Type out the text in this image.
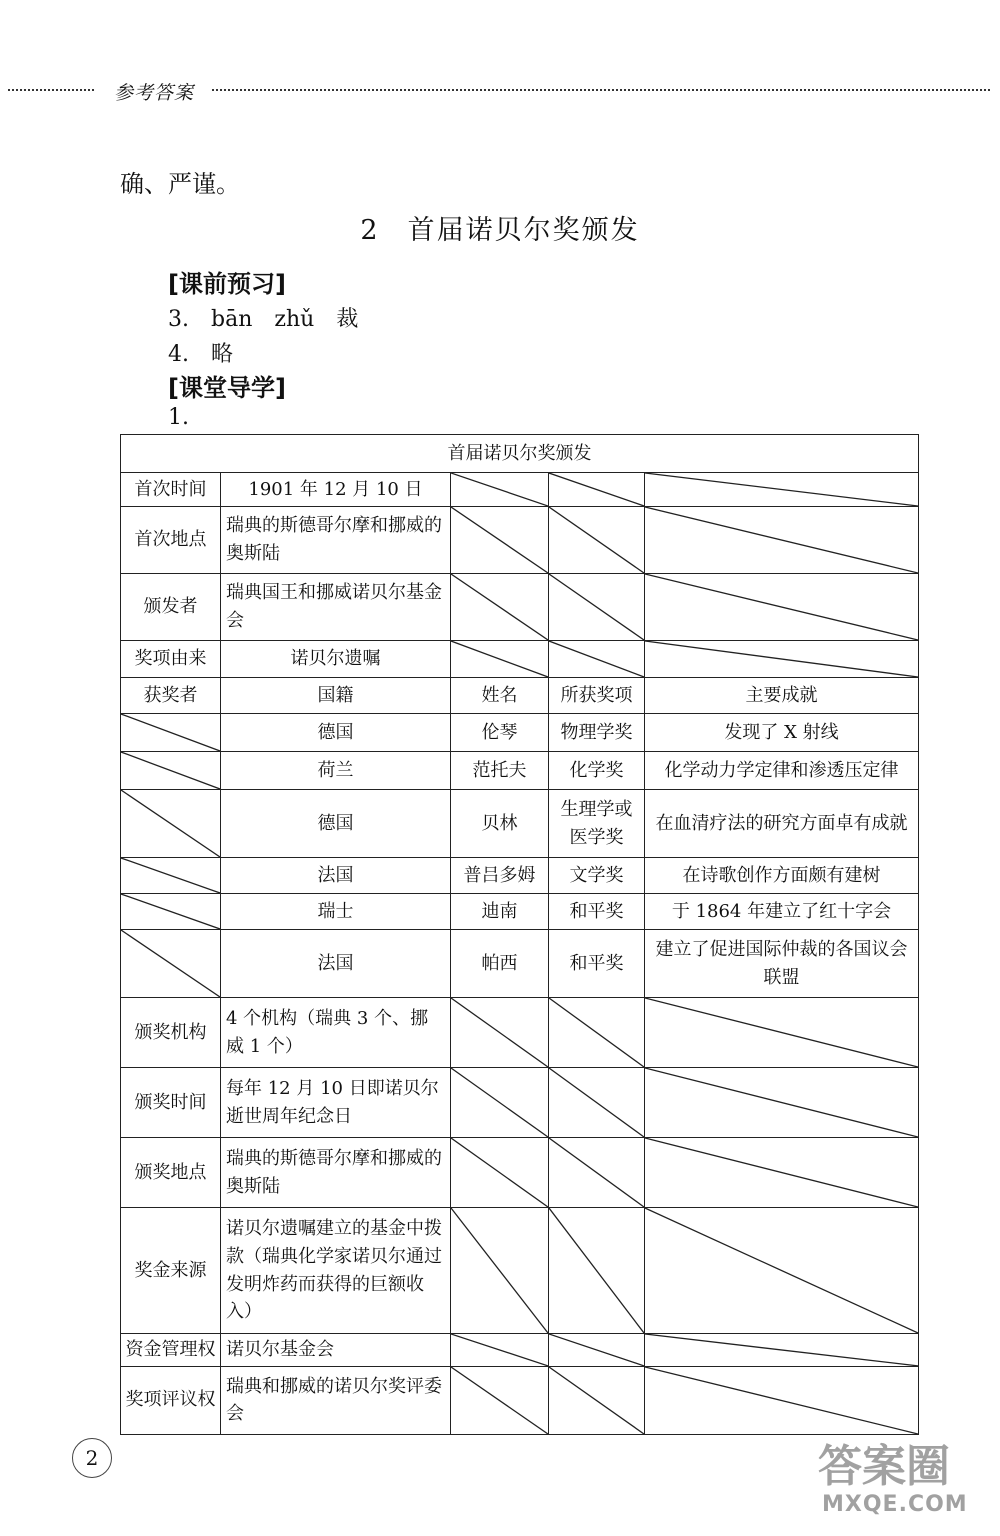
参考答案
确、严谨。
2 首届诺贝尔奖颁发
[课前预习]
3. bān zhǔ 裁
4. 略
[课堂导学]
1.
首届诺贝尔奖颁发				
首次时间	1901 年 12 月 10 日	

首次地点	瑞典的斯德哥尔摩和挪威的奥斯陆	

颁发者	瑞典国王和挪威诺贝尔基金会	

奖项由来	诺贝尔遗嘱	

获奖者	国籍	姓名	所获奖项	主要成就

	德国	伦琴	物理学奖	发现了 X 射线

	荷兰	范托夫	化学奖	化学动力学定律和渗透压定律

	德国	贝林	生理学或医学奖	在血清疗法的研究方面卓有成就

	法国	普吕多姆	文学奖	在诗歌创作方面颇有建树

	瑞士	迪南	和平奖	于 1864 年建立了红十字会

	法国	帕西	和平奖	建立了促进国际仲裁的各国议会联盟
颁奖机构	4 个机构（瑞典 3 个、挪威 1 个）	

颁奖时间	每年 12 月 10 日即诺贝尔逝世周年纪念日	

颁奖地点	瑞典的斯德哥尔摩和挪威的奥斯陆	

奖金来源	诺贝尔遗嘱建立的基金中拨款（瑞典化学家诺贝尔通过发明炸药而获得的巨额收入）	

资金管理权	诺贝尔基金会	

奖项评议权	瑞典和挪威的诺贝尔奖评委会	

2	答案圈
MXQE.COM
